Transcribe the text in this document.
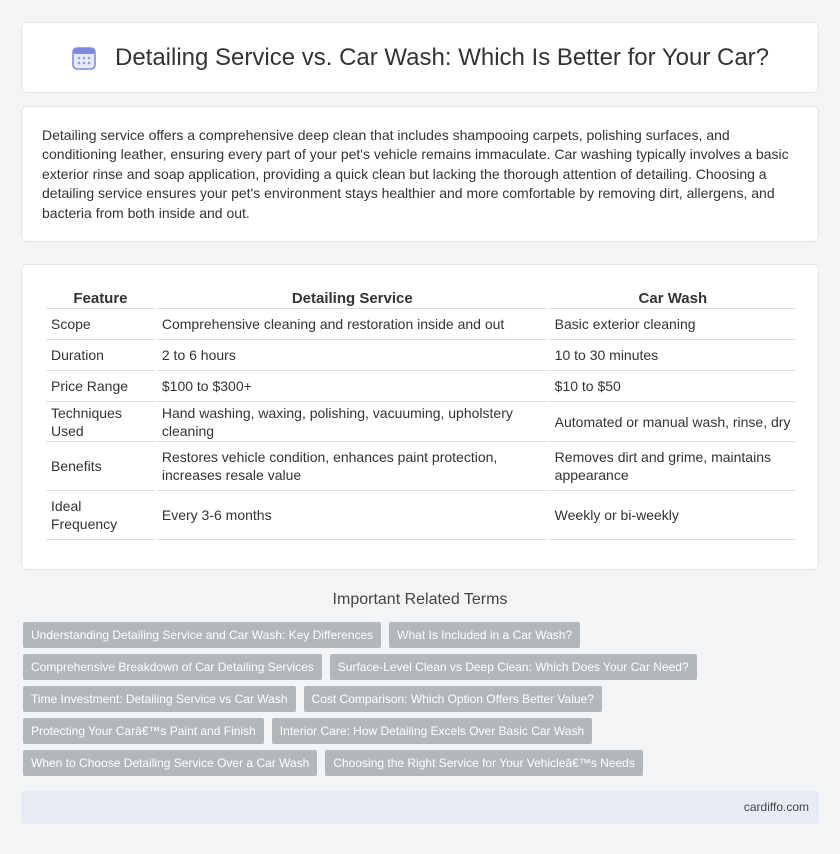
Detailing Service vs. Car Wash: Which Is Better for Your Car?

Detailing service offers a comprehensive deep clean that includes shampooing carpets, polishing surfaces, and conditioning leather, ensuring every part of your pet's vehicle remains immaculate. Car washing typically involves a basic exterior rinse and soap application, providing a quick clean but lacking the thorough attention of detailing. Choosing a detailing service ensures your pet's environment stays healthier and more comfortable by removing dirt, allergens, and bacteria from both inside and out.

Feature	Detailing Service	Car Wash
Scope	Comprehensive cleaning and restoration inside and out	Basic exterior cleaning
Duration	2 to 6 hours	10 to 30 minutes
Price Range	$100 to $300+	$10 to $50
Techniques Used	Hand washing, waxing, polishing, vacuuming, upholstery cleaning	Automated or manual wash, rinse, dry
Benefits	Restores vehicle condition, enhances paint protection, increases resale value	Removes dirt and grime, maintains appearance
Ideal Frequency	Every 3-6 months	Weekly or bi-weekly
Important Related Terms
Understanding Detailing Service and Car Wash: Key Differences	What Is Included in a Car Wash?
Comprehensive Breakdown of Car Detailing Services	Surface-Level Clean vs Deep Clean: Which Does Your Car Need?
Time Investment: Detailing Service vs Car Wash	Cost Comparison: Which Option Offers Better Value?
Protecting Your Carâ€™s Paint and Finish	Interior Care: How Detailing Excels Over Basic Car Wash
When to Choose Detailing Service Over a Car Wash	Choosing the Right Service for Your Vehicleâ€™s Needs
cardiffo.com
